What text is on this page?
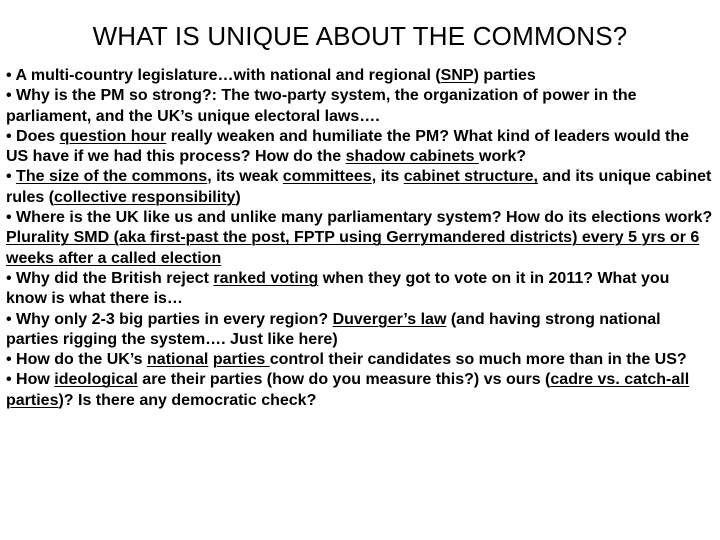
WHAT IS UNIQUE ABOUT THE COMMONS?
• A multi-country legislature…with national and regional (SNP) parties
• Why is the PM so strong?: The two-party system, the organization of power in the parliament, and the UK’s unique electoral laws….
• Does question hour really weaken and humiliate the PM? What kind of leaders would the US have if we had this process? How do the shadow cabinets work?
• The size of the commons, its weak committees, its cabinet structure, and its unique cabinet rules (collective responsibility)
• Where is the UK like us and unlike many parliamentary system? How do its elections work? Plurality SMD (aka first-past the post, FPTP using Gerrymandered districts) every 5 yrs or 6 weeks after a called election
• Why did the British reject ranked voting when they got to vote on it in 2011? What you know is what there is…
• Why only 2-3 big parties in every region? Duverger’s law (and having strong national parties rigging the system…. Just like here)
• How do the UK’s national parties control their candidates so much more than in the US?
• How ideological are their parties (how do you measure this?) vs ours (cadre vs. catch-all parties)? Is there any democratic check?
